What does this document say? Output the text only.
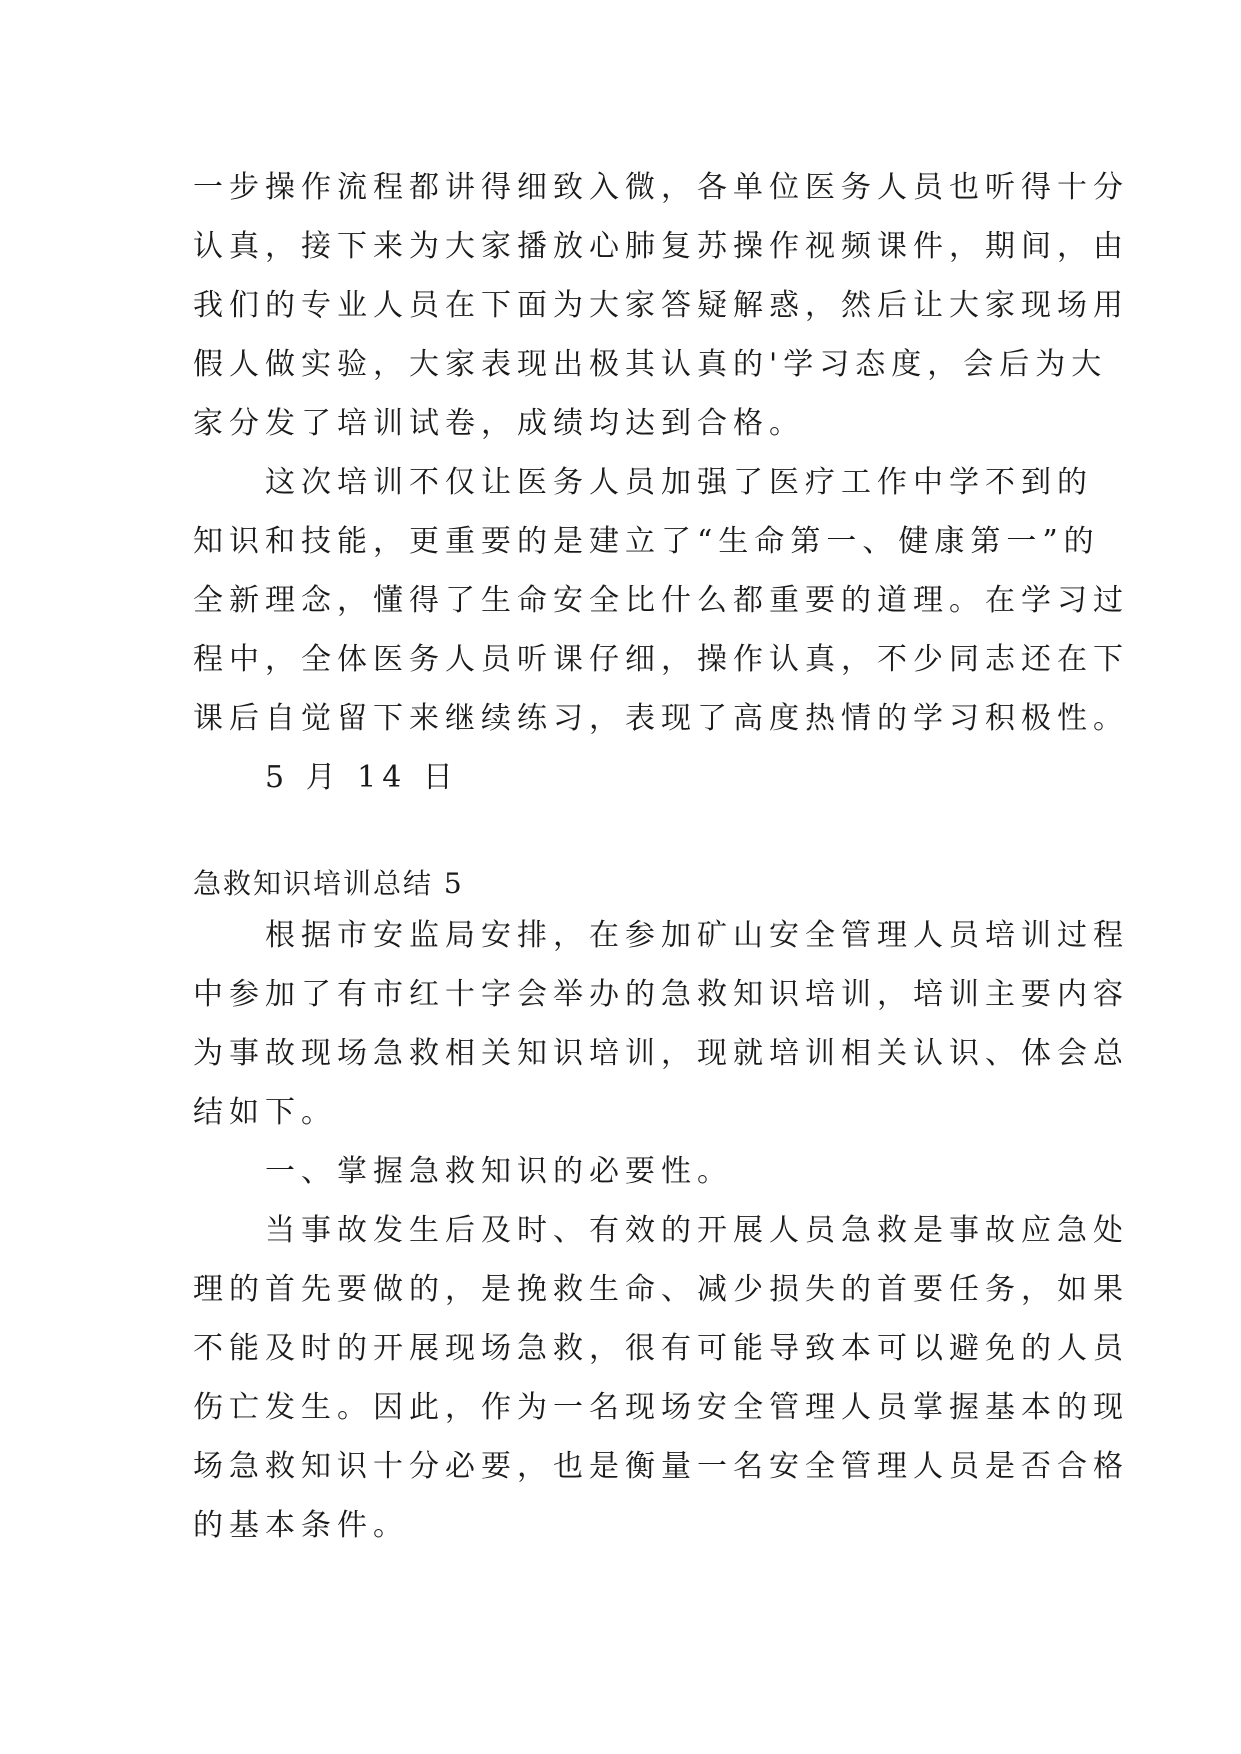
一步操作流程都讲得细致入微，各单位医务人员也听得十分
认真，接下来为大家播放心肺复苏操作视频课件，期间，由
我们的专业人员在下面为大家答疑解惑，然后让大家现场用
假人做实验，大家表现出极其认真的'学习态度，会后为大
家分发了培训试卷，成绩均达到合格。
　　这次培训不仅让医务人员加强了医疗工作中学不到的
知识和技能，更重要的是建立了“生命第一、健康第一”的
全新理念，懂得了生命安全比什么都重要的道理。在学习过
程中，全体医务人员听课仔细，操作认真，不少同志还在下
课后自觉留下来继续练习，表现了高度热情的学习积极性。
　　5 月 14 日
急救知识培训总结 5
　　根据市安监局安排，在参加矿山安全管理人员培训过程
中参加了有市红十字会举办的急救知识培训，培训主要内容
为事故现场急救相关知识培训，现就培训相关认识、体会总
结如下。
　　一、掌握急救知识的必要性。
　　当事故发生后及时、有效的开展人员急救是事故应急处
理的首先要做的，是挽救生命、减少损失的首要任务，如果
不能及时的开展现场急救，很有可能导致本可以避免的人员
伤亡发生。因此，作为一名现场安全管理人员掌握基本的现
场急救知识十分必要，也是衡量一名安全管理人员是否合格
的基本条件。
